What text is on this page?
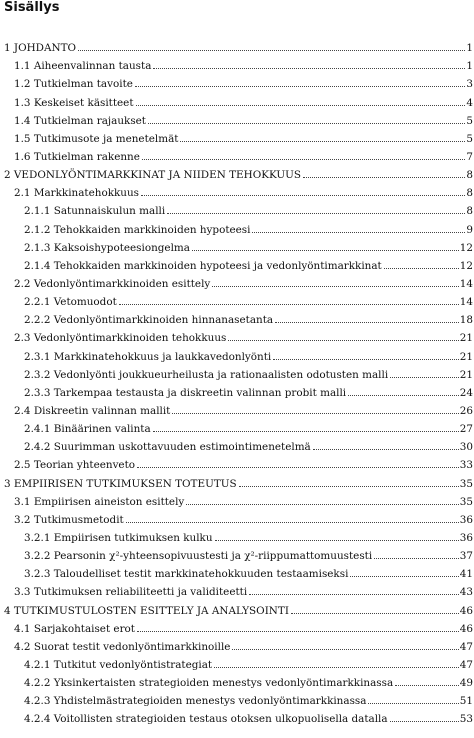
Sisällys
1 JOHDANTO	1
1.1 Aiheenvalinnan tausta	1
1.2 Tutkielman tavoite	3
1.3 Keskeiset käsitteet	4
1.4 Tutkielman rajaukset	5
1.5 Tutkimusote ja menetelmät	5
1.6 Tutkielman rakenne	7
2 VEDONLYÖNTIMARKKINAT JA NIIDEN TEHOKKUUS	8
2.1 Markkinatehokkuus	8
2.1.1 Satunnaiskulun malli	8
2.1.2 Tehokkaiden markkinoiden hypoteesi	9
2.1.3 Kaksoishypoteesiongelma	12
2.1.4 Tehokkaiden markkinoiden hypoteesi ja vedonlyöntimarkkinat	12
2.2 Vedonlyöntimarkkinoiden esittely	14
2.2.1 Vetomuodot	14
2.2.2 Vedonlyöntimarkkinoiden hinnanasetanta	18
2.3 Vedonlyöntimarkkinoiden tehokkuus	21
2.3.1 Markkinatehokkuus ja laukkavedonlyönti	21
2.3.2 Vedonlyönti joukkueurheilusta ja rationaalisten odotusten malli	21
2.3.3 Tarkempaa testausta ja diskreetin valinnan probit malli	24
2.4 Diskreetin valinnan mallit	26
2.4.1 Binäärinen valinta	27
2.4.2 Suurimman uskottavuuden estimointimenetelmä	30
2.5 Teorian yhteenveto	33
3 EMPIIRISEN TUTKIMUKSEN TOTEUTUS	35
3.1 Empiirisen aineiston esittely	35
3.2 Tutkimusmetodit	36
3.2.1 Empiirisen tutkimuksen kulku	36
3.2.2 Pearsonin χ²-yhteensopivuustesti ja χ²-riippumattomuustesti	37
3.2.3 Taloudelliset testit markkinatehokkuuden testaamiseksi	41
3.3 Tutkimuksen reliabiliteetti ja validiteetti	43
4 TUTKIMUSTULOSTEN ESITTELY JA ANALYSOINTI	46
4.1 Sarjakohtaiset erot	46
4.2 Suorat testit vedonlyöntimarkkinoille	47
4.2.1 Tutkitut vedonlyöntistrategiat	47
4.2.2 Yksinkertaisten strategioiden menestys vedonlyöntimarkkinassa	49
4.2.3 Yhdistelmästrategioiden menestys vedonlyöntimarkkinassa	51
4.2.4 Voitollisten strategioiden testaus otoksen ulkopuolisella datalla	53
